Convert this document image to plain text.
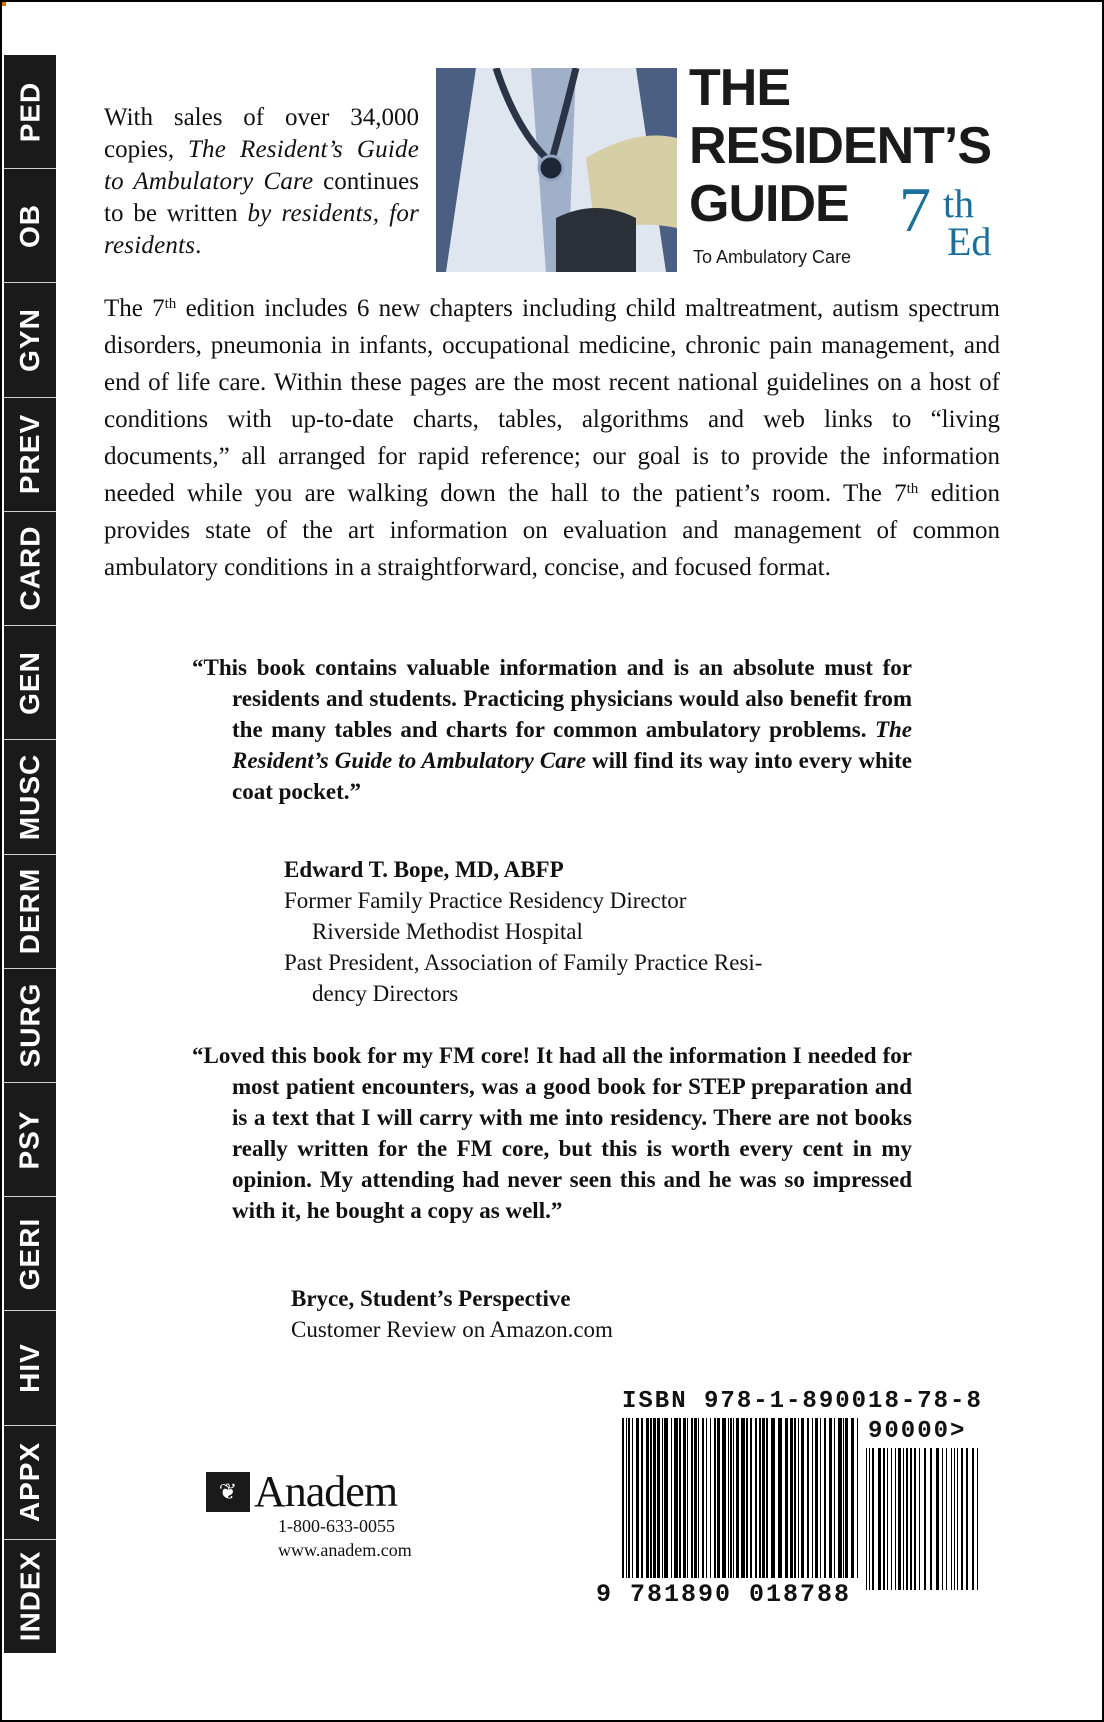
PED
OB
GYN
PREV
CARD
GEN
MUSC
DERM
SURG
PSY
GERI
HIV
APPX
INDEX
With sales of over 34,000 copies, The Resident’s Guide to Ambulatory Care continues to be written by residents, for residents.
THE
RESIDENT’S
GUIDE
To Ambulatory Care
7 th
Ed
The 7th edition includes 6 new chapters including child maltreatment, autism spectrum disorders, pneumonia in infants, occupational medicine, chronic pain management, and end of life care. Within these pages are the most recent national guidelines on a host of conditions with up-to-date charts, tables, algorithms and web links to “living documents,” all arranged for rapid reference; our goal is to provide the information needed while you are walking down the hall to the patient’s room. The 7th edition provides state of the art information on evaluation and management of common ambulatory conditions in a straightforward, concise, and focused format.
“This book contains valuable information and is an absolute must for residents and students. Practicing physicians would also benefit from the many tables and charts for common ambulatory problems. The Resident’s Guide to Ambulatory Care will find its way into every white coat pocket.”
Edward T. Bope, MD, ABFP
Former Family Practice Residency Director
Riverside Methodist Hospital
Past President, Association of Family Practice Resi-
dency Directors
“Loved this book for my FM core! It had all the information I needed for most patient encounters, was a good book for STEP preparation and is a text that I will carry with me into residency. There are not books really written for the FM core, but this is worth every cent in my opinion. My attending had never seen this and he was so impressed with it, he bought a copy as well.”
Bryce, Student’s Perspective
Customer Review on Amazon.com
❦ Anadem
1-800-633-0055
www.anadem.com
ISBN 978-1-890018-78-8
90000>
9 781890 018788
